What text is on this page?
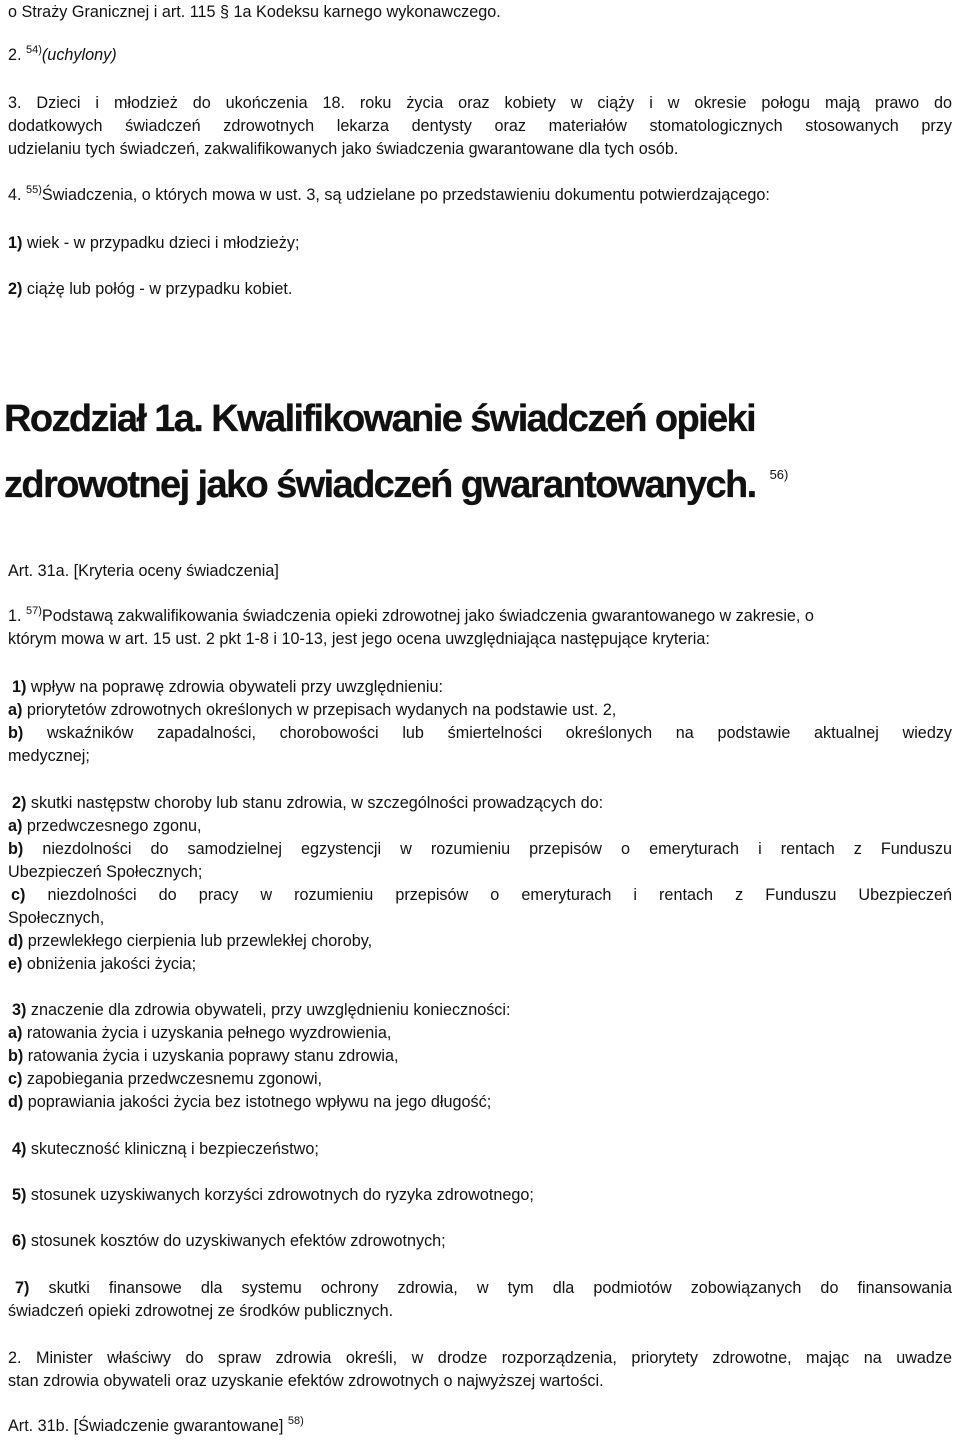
o Straży Granicznej i art. 115 § 1a Kodeksu karnego wykonawczego.
2. $^{54)}$(uchylony)
3. Dzieci i młodzież do ukończenia 18. roku życia oraz kobiety w ciąży i w okresie połogu mają prawo do
dodatkowych świadczeń zdrowotnych lekarza dentysty oraz materiałów stomatologicznych stosowanych przy
udzielaniu tych świadczeń, zakwalifikowanych jako świadczenia gwarantowane dla tych osób.
4. $^{55)}$Świadczenia, o których mowa w ust. 3, są udzielane po przedstawieniu dokumentu potwierdzającego:
1) wiek - w przypadku dzieci i młodzieży;
2) ciążę lub połóg - w przypadku kobiet.
Rozdział 1a. Kwalifikowanie świadczeń opieki
zdrowotnej jako świadczeń gwarantowanych. $^{56)}$
Art. 31a. [Kryteria oceny świadczenia]
1. $^{57)}$Podstawą zakwalifikowania świadczenia opieki zdrowotnej jako świadczenia gwarantowanego w zakresie, o
którym mowa w art. 15 ust. 2 pkt 1-8 i 10-13, jest jego ocena uwzględniająca następujące kryteria:
1) wpływ na poprawę zdrowia obywateli przy uwzględnieniu:
a) priorytetów zdrowotnych określonych w przepisach wydanych na podstawie ust. 2,
b) wskaźników zapadalności, chorobowości lub śmiertelności określonych na podstawie aktualnej wiedzy
medycznej;
2) skutki następstw choroby lub stanu zdrowia, w szczególności prowadzących do:
a) przedwczesnego zgonu,
b) niezdolności do samodzielnej egzystencji w rozumieniu przepisów o emeryturach i rentach z Funduszu
Ubezpieczeń Społecznych;
c) niezdolności do pracy w rozumieniu przepisów o emeryturach i rentach z Funduszu Ubezpieczeń
Społecznych,
d) przewlekłego cierpienia lub przewlekłej choroby,
e) obniżenia jakości życia;
3) znaczenie dla zdrowia obywateli, przy uwzględnieniu konieczności:
a) ratowania życia i uzyskania pełnego wyzdrowienia,
b) ratowania życia i uzyskania poprawy stanu zdrowia,
c) zapobiegania przedwczesnemu zgonowi,
d) poprawiania jakości życia bez istotnego wpływu na jego długość;
4) skuteczność kliniczną i bezpieczeństwo;
5) stosunek uzyskiwanych korzyści zdrowotnych do ryzyka zdrowotnego;
6) stosunek kosztów do uzyskiwanych efektów zdrowotnych;
7) skutki finansowe dla systemu ochrony zdrowia, w tym dla podmiotów zobowiązanych do finansowania
świadczeń opieki zdrowotnej ze środków publicznych.
2. Minister właściwy do spraw zdrowia określi, w drodze rozporządzenia, priorytety zdrowotne, mając na uwadze
stan zdrowia obywateli oraz uzyskanie efektów zdrowotnych o najwyższej wartości.
Art. 31b. [Świadczenie gwarantowane] $^{58)}$
